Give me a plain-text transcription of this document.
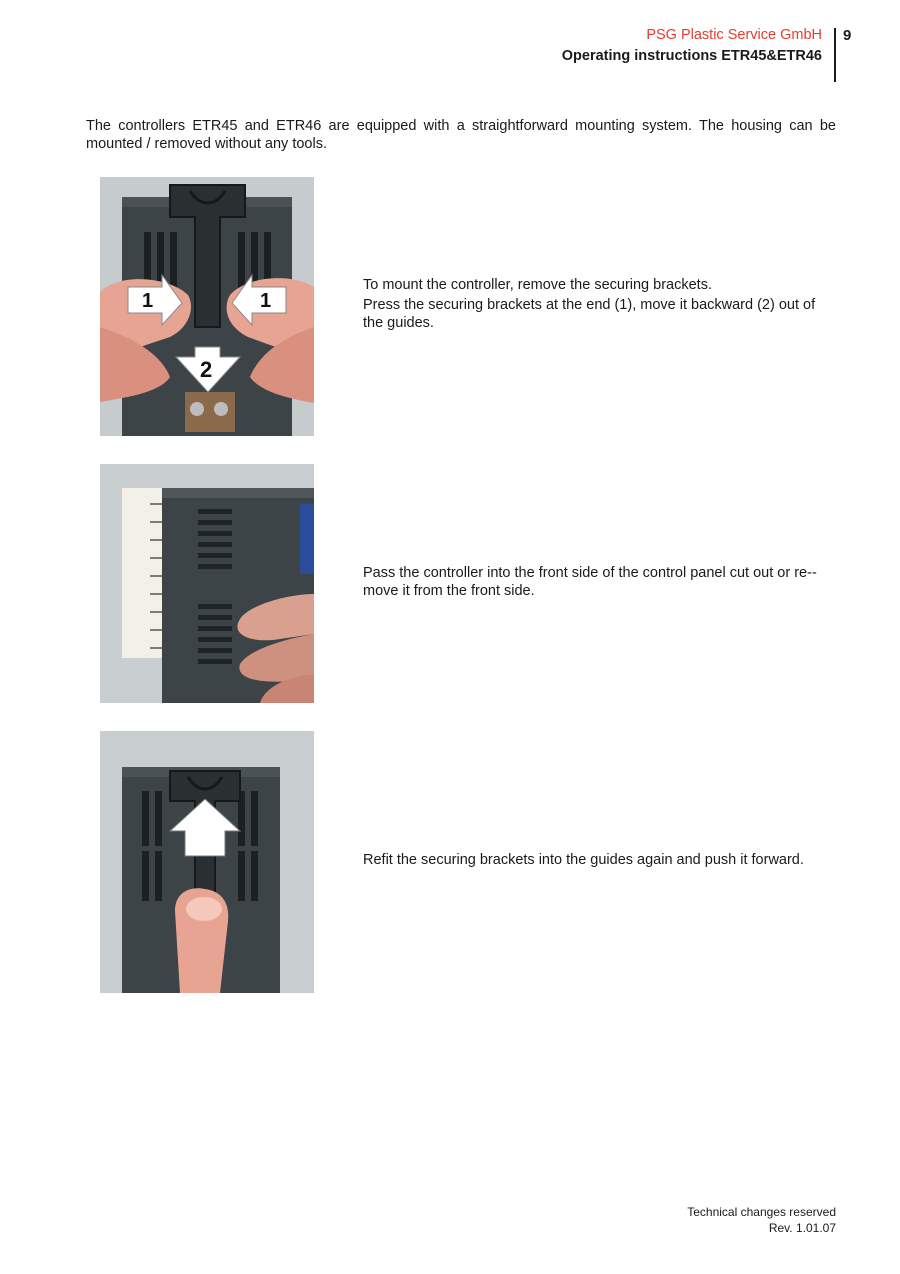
PSG Plastic Service GmbH
Operating instructions ETR45&ETR46
9
The controllers ETR45 and ETR46 are equipped with a straightforward mounting system. The housing can be mounted / removed without any tools.
1	1
2

To mount the controller, remove the securing brackets.

Press the securing brackets at the end (1), move it backward (2) out of the guides.

Pass the controller into the front side of the control panel cut out or re-- move it from the front side.

Refit the securing brackets into the guides again and push it forward.

Technical changes reserved
Rev. 1.01.07
